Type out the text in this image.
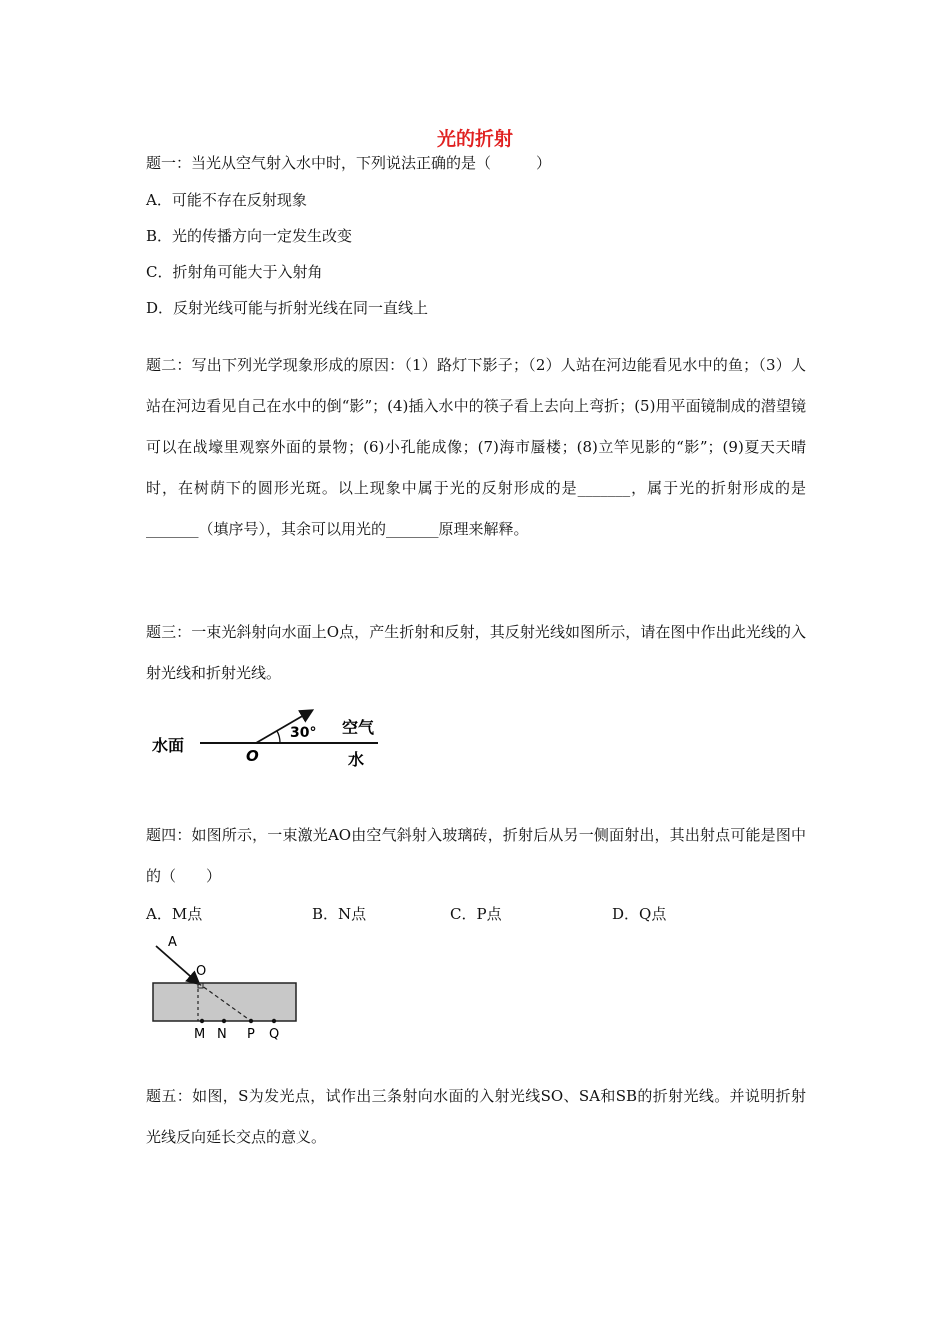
光的折射
题一：当光从空气射入水中时，下列说法正确的是（　　　）
A．可能不存在反射现象
B．光的传播方向一定发生改变
C．折射角可能大于入射角
D．反射光线可能与折射光线在同一直线上
题二：写出下列光学现象形成的原因：（1）路灯下影子；（2）人站在河边能看见水中的鱼；（3）人站在河边看见自己在水中的倒“影”；(4)插入水中的筷子看上去向上弯折；(5)用平面镜制成的潜望镜可以在战壕里观察外面的景物；(6)小孔能成像；(7)海市蜃楼；(8)立竿见影的“影”；(9)夏天天晴时，在树荫下的圆形光斑。以上现象中属于光的反射形成的是_______，属于光的折射形成的是_______（填序号），其余可以用光的_______原理来解释。
题三：一束光斜射向水面上O点，产生折射和反射，其反射光线如图所示，请在图中作出此光线的入射光线和折射光线。
水面
O
30° 空气
水
题四：如图所示，一束激光AO由空气斜射入玻璃砖，折射后从另一侧面射出，其出射点可能是图中的（　　）
A．M点	B．N点	C．P点	D．Q点
A
O
M N P Q
题五：如图，S为发光点，试作出三条射向水面的入射光线SO、SA和SB的折射光线。并说明折射光线反向延长交点的意义。
